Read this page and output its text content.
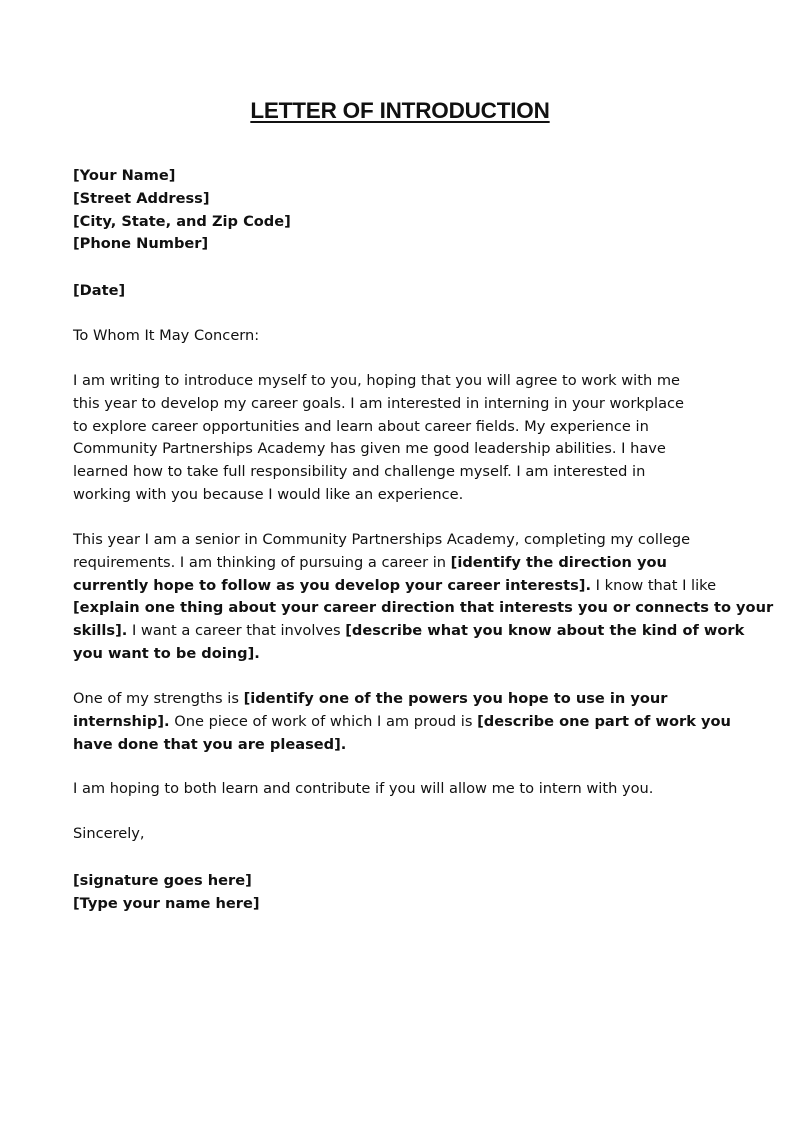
LETTER OF INTRODUCTION
[Your Name]
[Street Address]
[City, State, and Zip Code]
[Phone Number]
[Date]
To Whom It May Concern:
I am writing to introduce myself to you, hoping that you will agree to work with me
this year to develop my career goals. I am interested in interning in your workplace
to explore career opportunities and learn about career fields. My experience in
Community Partnerships Academy has given me good leadership abilities. I have
learned how to take full responsibility and challenge myself. I am interested in
working with you because I would like an experience.
This year I am a senior in Community Partnerships Academy, completing my college
requirements. I am thinking of pursuing a career in [identify the direction you
currently hope to follow as you develop your career interests]. I know that I like
[explain one thing about your career direction that interests you or connects to your
skills]. I want a career that involves [describe what you know about the kind of work
you want to be doing].
One of my strengths is [identify one of the powers you hope to use in your
internship]. One piece of work of which I am proud is [describe one part of work you
have done that you are pleased].
I am hoping to both learn and contribute if you will allow me to intern with you.
Sincerely,
[signature goes here]
[Type your name here]
